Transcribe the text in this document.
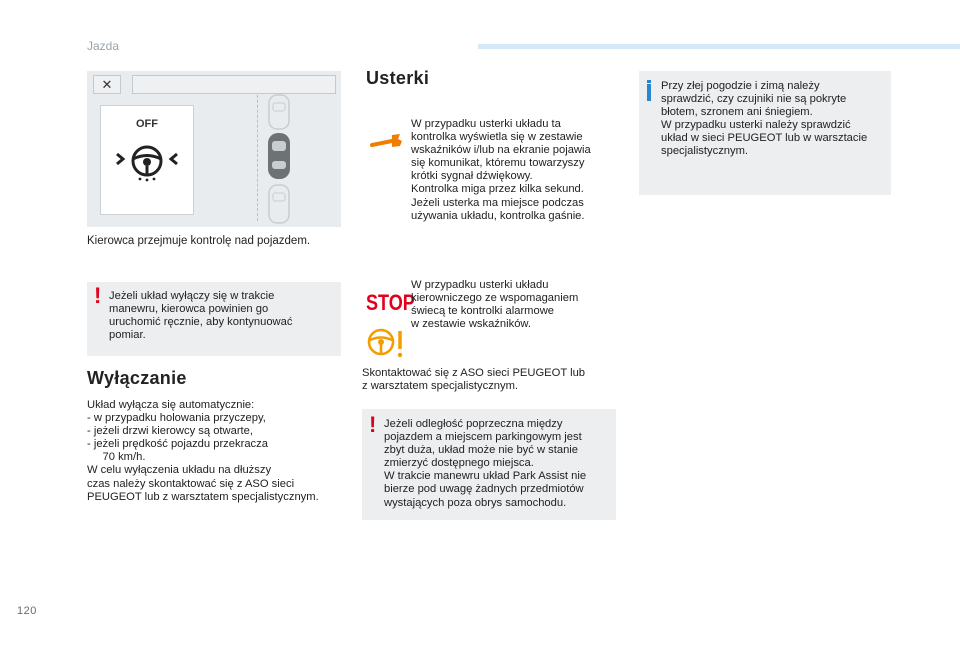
Jazda
✕
OFF
Kierowca przejmuje kontrolę nad pojazdem.
! Jeżeli układ wyłączy się w trakcie
manewru, kierowca powinien go
uruchomić ręcznie, aby kontynuować
pomiar.
Wyłączanie
Układ wyłącza się automatycznie:
- w przypadku holowania przyczepy,
- jeżeli drzwi kierowcy są otwarte,
- jeżeli prędkość pojazdu przekracza
70 km/h.
W celu wyłączenia układu na dłuższy
czas należy skontaktować się z ASO sieci
PEUGEOT lub z warsztatem specjalistycznym.
Usterki
W przypadku usterki układu ta
kontrolka wyświetla się w zestawie
wskaźników i/lub na ekranie pojawia
się komunikat, któremu towarzyszy
krótki sygnał dźwiękowy.
Kontrolka miga przez kilka sekund.
Jeżeli usterka ma miejsce podczas
używania układu, kontrolka gaśnie.
STOP
W przypadku usterki układu
kierowniczego ze wspomaganiem
świecą te kontrolki alarmowe
w zestawie wskaźników.
Skontaktować się z ASO sieci PEUGEOT lub
z warsztatem specjalistycznym.
! Jeżeli odległość poprzeczna między
pojazdem a miejscem parkingowym jest
zbyt duża, układ może nie być w stanie
zmierzyć dostępnego miejsca.
W trakcie manewru układ Park Assist nie
bierze pod uwagę żadnych przedmiotów
wystających poza obrys samochodu.
Przy złej pogodzie i zimą należy
sprawdzić, czy czujniki nie są pokryte
błotem, szronem ani śniegiem.
W przypadku usterki należy sprawdzić
układ w sieci PEUGEOT lub w warsztacie
specjalistycznym.
120
